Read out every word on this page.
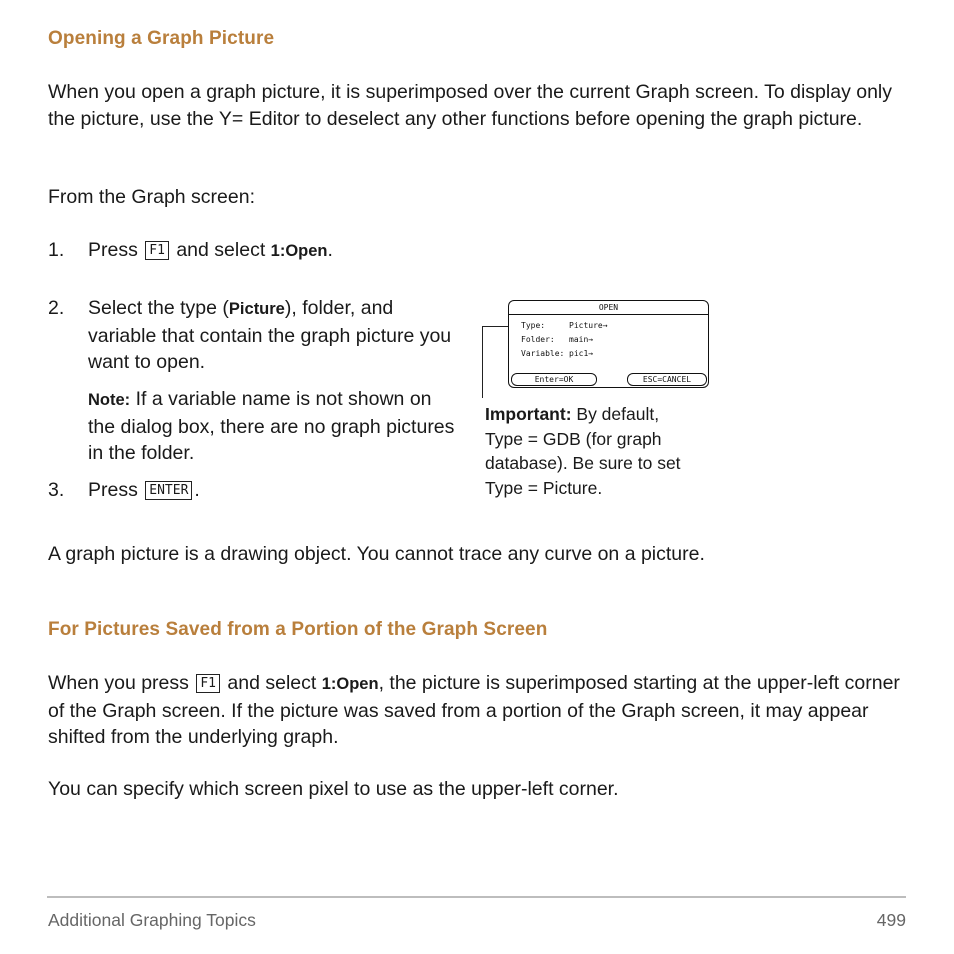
Opening a Graph Picture
When you open a graph picture, it is superimposed over the current Graph screen. To display only the picture, use the Y= Editor to deselect any other functions before opening the graph picture.
From the Graph screen:
1. Press F1 and select 1:Open.
2. Select the type (Picture), folder, and variable that contain the graph picture you want to open.
Note: If a variable name is not shown on the dialog box, there are no graph pictures in the folder.
3. Press ENTER .
OPEN
Type:	Picture→
Folder: main→
Variable: pic1→
Enter=OK	ESC=CANCEL
Important: By default, Type = GDB (for graph database). Be sure to set Type = Picture.
A graph picture is a drawing object. You cannot trace any curve on a picture.
For Pictures Saved from a Portion of the Graph Screen
When you press F1 and select 1:Open, the picture is superimposed starting at the upper-left corner of the Graph screen. If the picture was saved from a portion of the Graph screen, it may appear shifted from the underlying graph.
You can specify which screen pixel to use as the upper-left corner.
Additional Graphing Topics	499
